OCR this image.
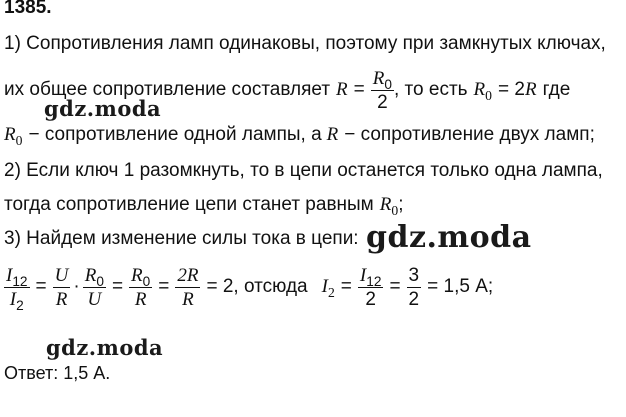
1385.
1) Сопротивления ламп одинаковы, поэтому при замкнутых ключах,
их общее сопротивление составляет $R = \frac{R_0}{2}$ , то есть $R_0 = 2$ R где
$R_0$ − сопротивление одной лампы, а R − сопротивление двух ламп;
2) Если ключ 1 разомкнуть, то в цепи останется только одна лампа,
тогда сопротивление цепи станет равным $R_0$ ;
3) Найдем изменение силы тока в цепи:
$\frac{I_{12}}{I_2} = \frac{U}{R} \cdot \frac{R_0}{U} = \frac{R_0}{R} = \frac{2R}{R} = 2$, отсюда $I_2 = \frac{I_{12}}{2} = \frac{3}{2} = 1,5$ А;
Ответ: 1,5 А.
gdz.moda
gdz.moda
gdz.moda
